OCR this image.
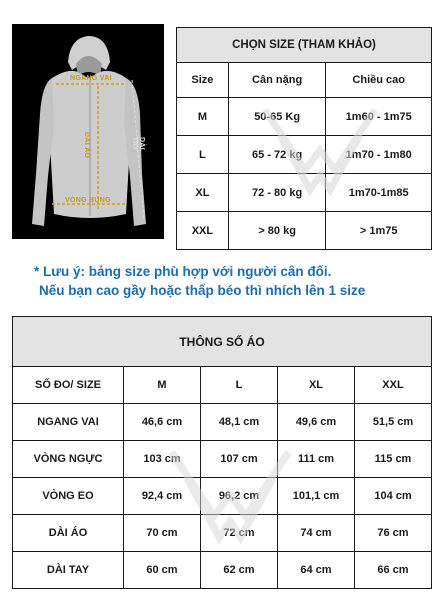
NGANG VAI
DÀI ÁO	DÀI TAY
VÒNG BỤNG
CHỌN SIZE (THAM KHẢO)		
Size	Cân nặng	Chiều cao
M	50-65 Kg	1m60 - 1m75
L	65 - 72 kg	1m70 - 1m80
XL	72 - 80 kg	1m70-1m85
XXL	> 80 kg	> 1m75

* Lưu ý: bảng size phù hợp với người cân đối.

Nếu bạn cao gầy hoặc thấp béo thì nhích lên 1 size

THÔNG SỐ ÁO				
SỐ ĐO/ SIZE	M	L	XL	XXL
NGANG VAI	46,6 cm	48,1 cm	49,6 cm	51,5 cm
VÒNG NGỰC	103 cm	107 cm	111 cm	115 cm
VÒNG EO	92,4 cm	96,2 cm	101,1 cm	104 cm
DÀI ÁO	70 cm	72 cm	74 cm	76 cm
DÀI TAY	60 cm	62 cm	64 cm	66 cm
